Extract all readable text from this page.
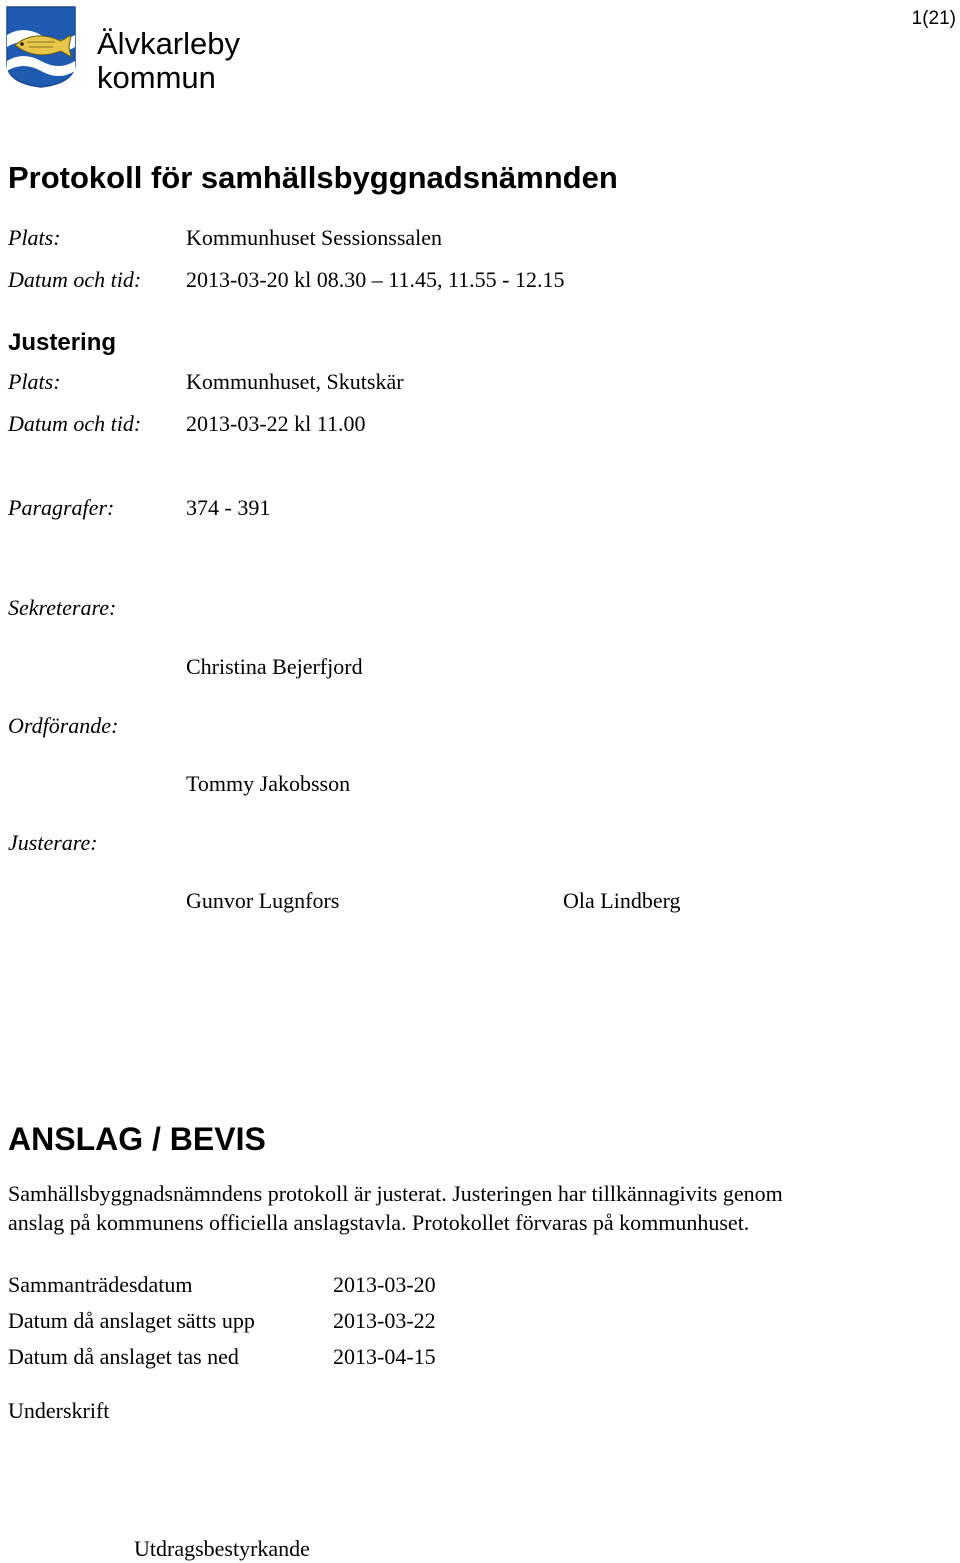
Älvkarleby
kommun
1(21)
Protokoll för samhällsbyggnadsnämnden
Plats:	Kommunhuset Sessionssalen
Datum och tid: 2013-03-20 kl 08.30 – 11.45, 11.55 - 12.15
Justering
Plats:	Kommunhuset, Skutskär
Datum och tid: 2013-03-22 kl 11.00
Paragrafer:	374 - 391
Sekreterare:
Christina Bejerfjord
Ordförande:
Tommy Jakobsson
Justerare:
Gunvor Lugnfors	Ola Lindberg
ANSLAG / BEVIS
Samhällsbyggnadsnämndens protokoll är justerat. Justeringen har tillkännagivits genom
anslag på kommunens officiella anslagstavla. Protokollet förvaras på kommunhuset.
Sammanträdesdatum	2013-03-20
Datum då anslaget sätts upp	2013-03-22
Datum då anslaget tas ned	2013-04-15
Underskrift
Utdragsbestyrkande
